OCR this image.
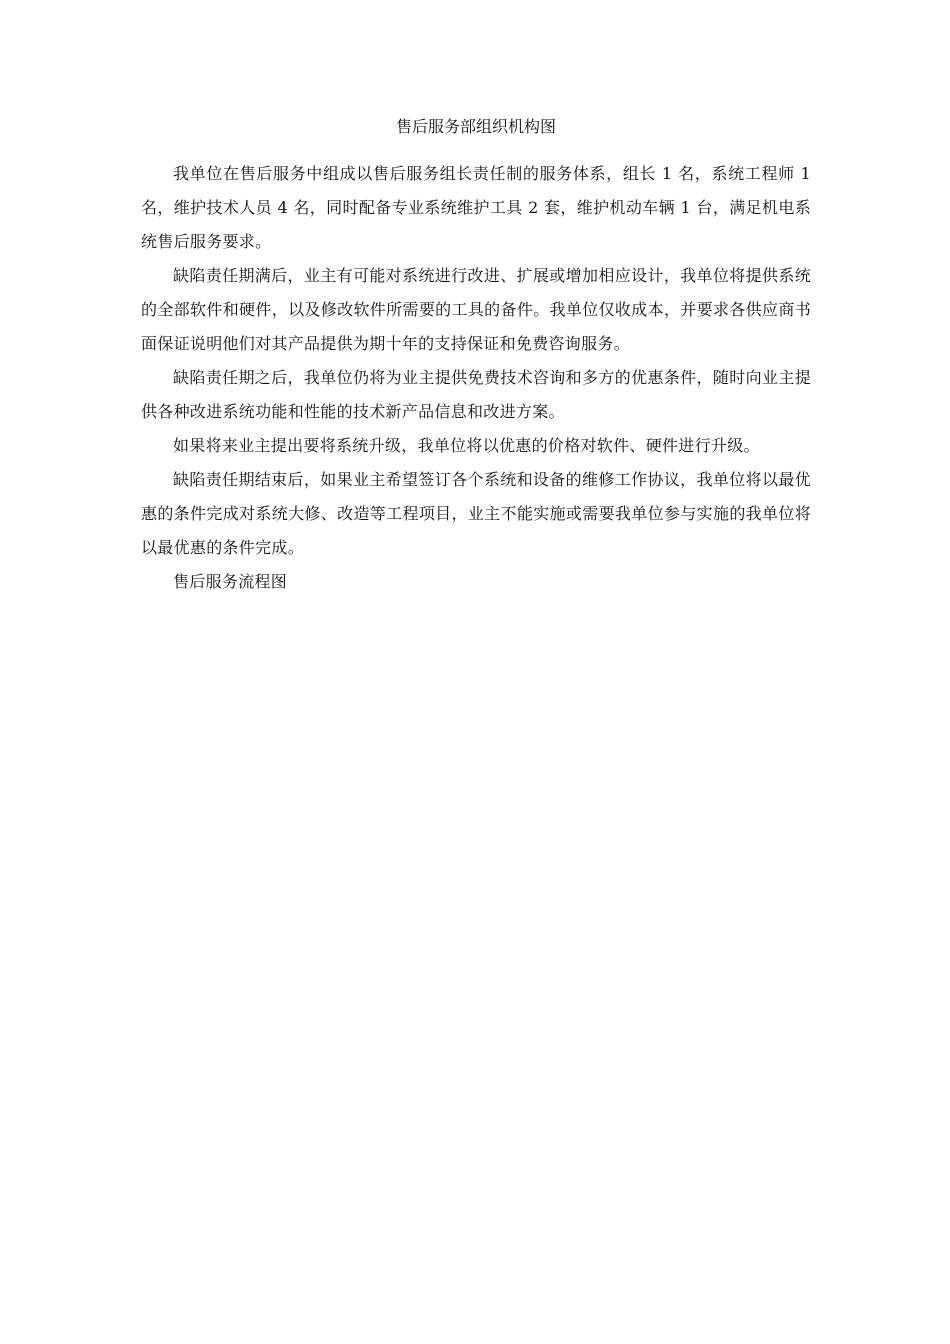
售后服务部组织机构图

我单位在售后服务中组成以售后服务组长责任制的服务体系，组长 1 名，系统工程师 1 名，维护技术人员 4 名，同时配备专业系统维护工具 2 套，维护机动车辆 1 台，满足机电系统售后服务要求。

缺陷责任期满后，业主有可能对系统进行改进、扩展或增加相应设计，我单位将提供系统的全部软件和硬件，以及修改软件所需要的工具的备件。我单位仅收成本，并要求各供应商书面保证说明他们对其产品提供为期十年的支持保证和免费咨询服务。

缺陷责任期之后，我单位仍将为业主提供免费技术咨询和多方的优惠条件，随时向业主提供各种改进系统功能和性能的技术新产品信息和改进方案。

如果将来业主提出要将系统升级，我单位将以优惠的价格对软件、硬件进行升级。

缺陷责任期结束后，如果业主希望签订各个系统和设备的维修工作协议，我单位将以最优惠的条件完成对系统大修、改造等工程项目，业主不能实施或需要我单位参与实施的我单位将以最优惠的条件完成。

售后服务流程图
